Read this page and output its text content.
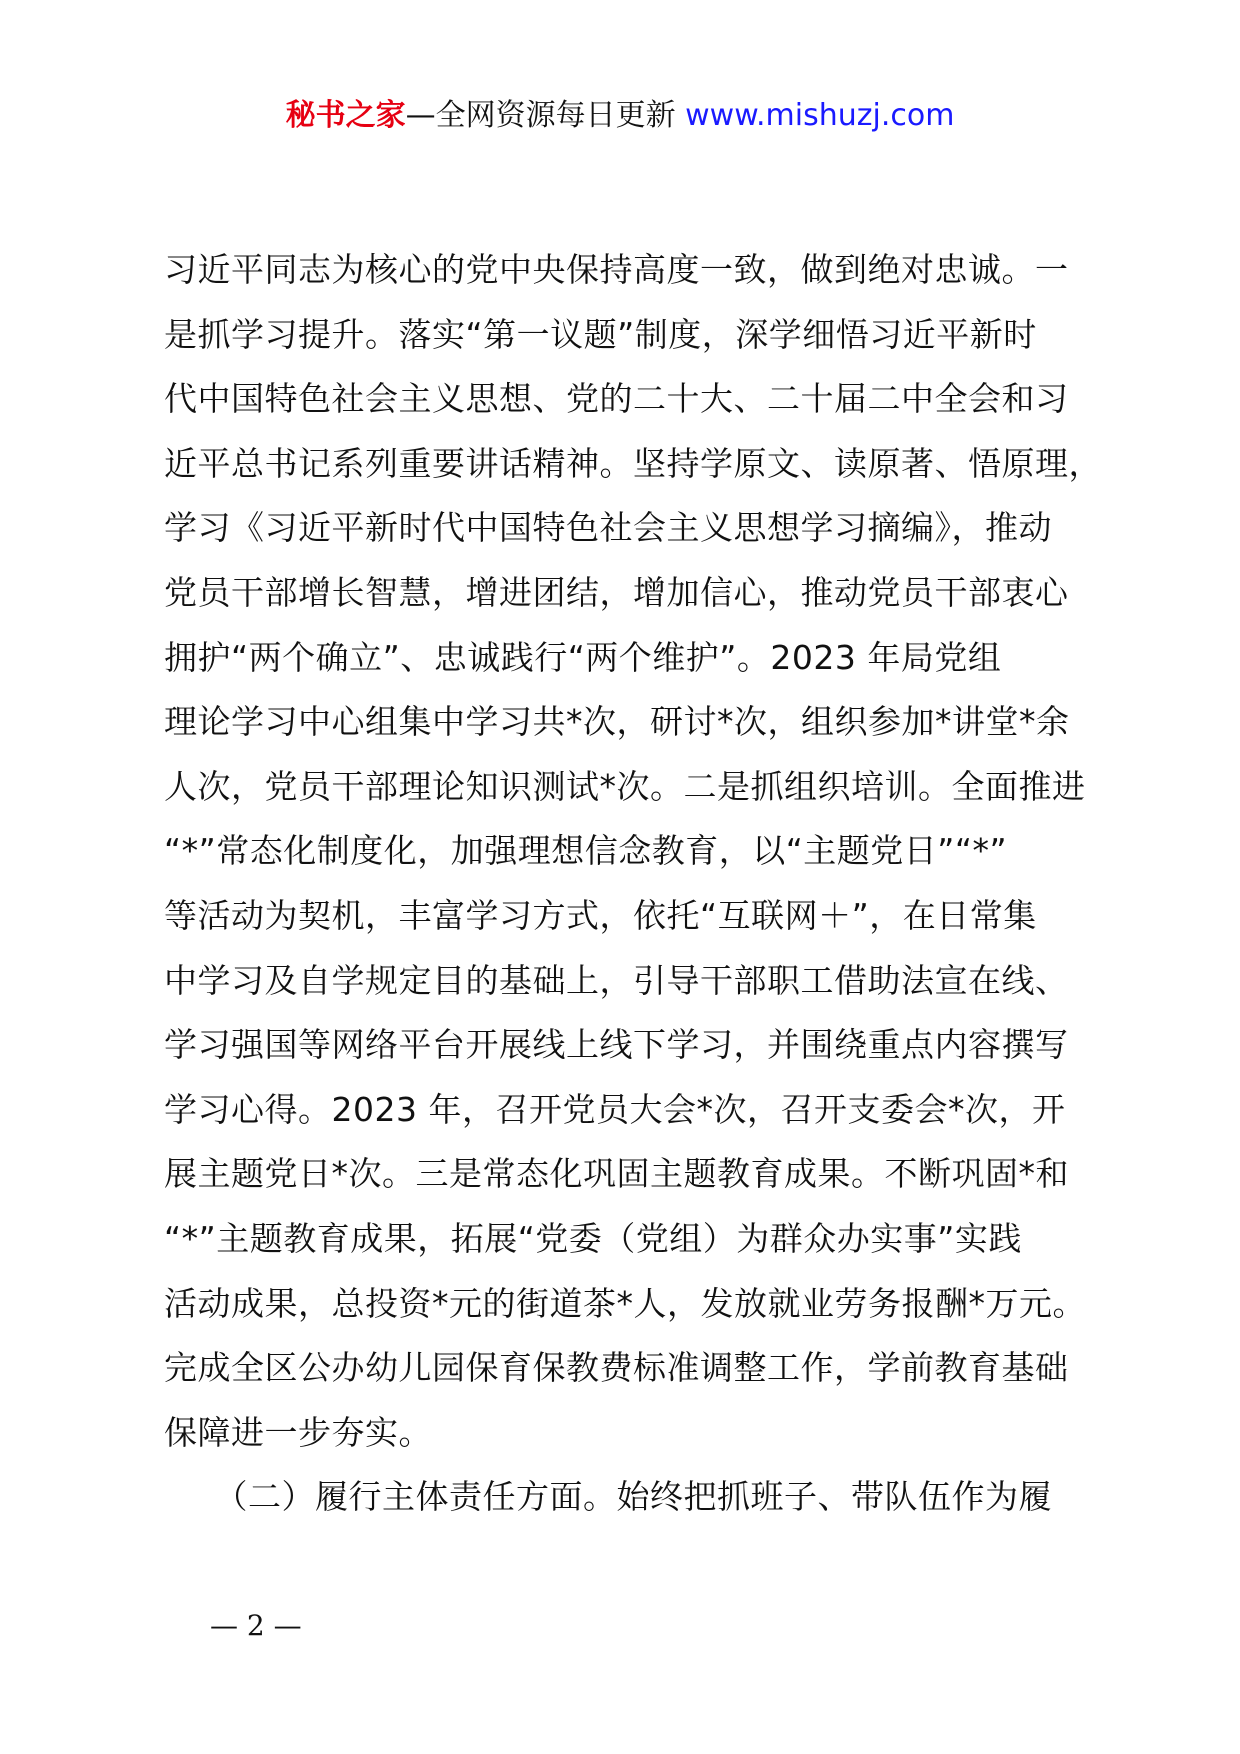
秘书之家—全网资源每日更新 www.mishuzj.com
习近平同志为核心的党中央保持高度一致，做到绝对忠诚。一
是抓学习提升。落实“第一议题”制度，深学细悟习近平新时
代中国特色社会主义思想、党的二十大、二十届二中全会和习
近平总书记系列重要讲话精神。坚持学原文、读原著、悟原理，
学习《习近平新时代中国特色社会主义思想学习摘编》，推动
党员干部增长智慧，增进团结，增加信心，推动党员干部衷心
拥护“两个确立”、忠诚践行“两个维护”。2023 年局党组
理论学习中心组集中学习共*次，研讨*次，组织参加*讲堂*余
人次，党员干部理论知识测试*次。二是抓组织培训。全面推进
“*”常态化制度化，加强理想信念教育，以“主题党日”“*”
等活动为契机，丰富学习方式，依托“互联网＋”，在日常集
中学习及自学规定目的基础上，引导干部职工借助法宣在线、
学习强国等网络平台开展线上线下学习，并围绕重点内容撰写
学习心得。2023 年，召开党员大会*次，召开支委会*次，开
展主题党日*次。三是常态化巩固主题教育成果。不断巩固*和
“*”主题教育成果，拓展“党委（党组）为群众办实事”实践
活动成果，总投资*元的街道茶*人，发放就业劳务报酬*万元。
完成全区公办幼儿园保育保教费标准调整工作，学前教育基础
保障进一步夯实。
　　（二）履行主体责任方面。始终把抓班子、带队伍作为履
— 2 —
